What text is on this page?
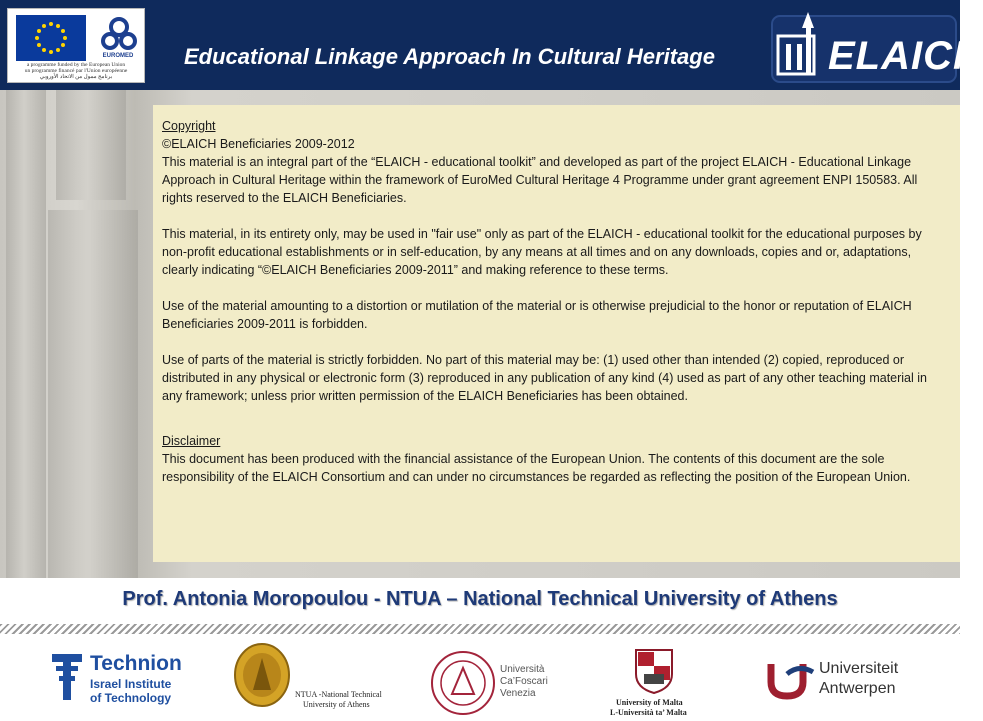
EUROMED
a programme funded by the European Union
un programme financé par l'Union européenne
برنامج ممول من الاتحاد الأوروبي
Educational Linkage Approach In Cultural Heritage	ELAICH
Copyright
©ELAICH Beneficiaries 2009-2012
This material is an integral part of the “ELAICH - educational toolkit” and developed as part of the project ELAICH - Educational Linkage Approach in Cultural Heritage within the framework of EuroMed Cultural Heritage 4 Programme under grant agreement ENPI 150583. All rights reserved to the ELAICH Beneficiaries.
This material, in its entirety only, may be used in "fair use" only as part of the ELAICH - educational toolkit for the educational purposes by non-profit educational establishments or in self-education, by any means at all times and on any downloads, copies and or, adaptations, clearly indicating “©ELAICH Beneficiaries 2009-2011” and making reference to these terms.
Use of the material amounting to a distortion or mutilation of the material or is otherwise prejudicial to the honor or reputation of ELAICH Beneficiaries 2009-2011 is forbidden.
Use of parts of the material is strictly forbidden. No part of this material may be: (1) used other than intended (2) copied, reproduced or distributed in any physical or electronic form (3) reproduced in any publication of any kind (4) used as part of any other teaching material in any framework; unless prior written permission of the ELAICH Beneficiaries has been obtained.
Disclaimer
This document has been produced with the financial assistance of the European Union. The contents of this document are the sole responsibility of the ELAICH Consortium and can under no circumstances be regarded as reflecting the position of the European Union.
Prof. Antonia Moropoulou - NTUA – National Technical University of Athens
Technion
Israel Institute
of Technology	NTUA -National Technical
University of Athens
Università
Ca’Foscari
Venezia
University of Malta
L-Università ta’ Malta
Universiteit
Antwerpen
